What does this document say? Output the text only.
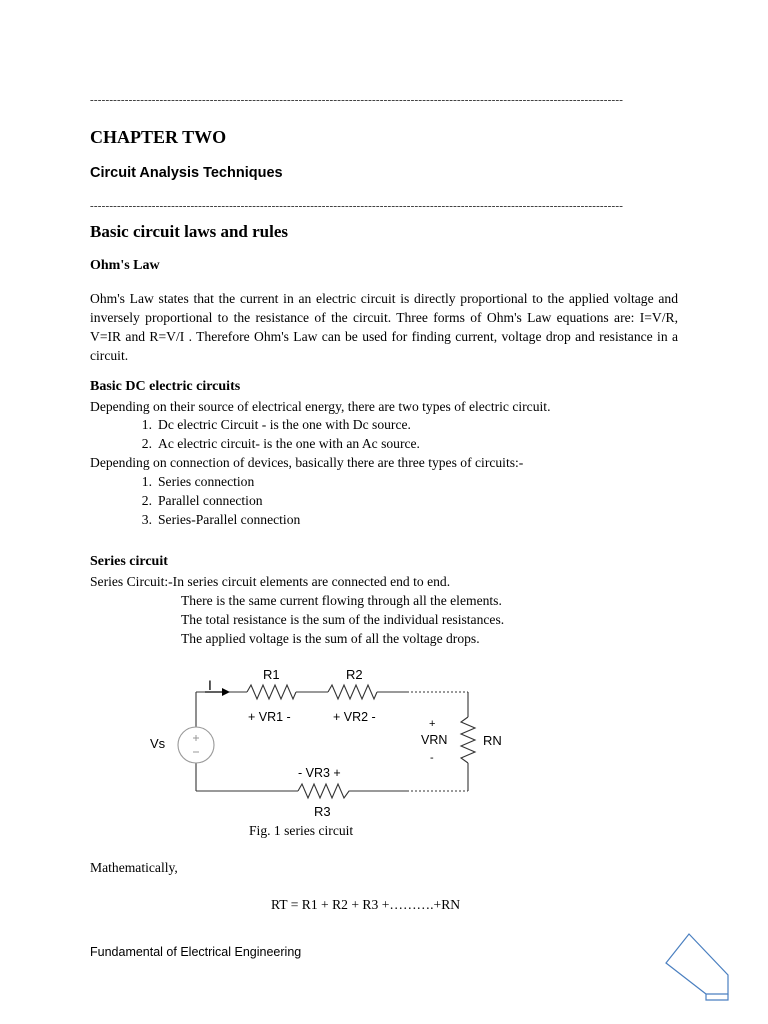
------------------------------------------------------------------------------------------------------------------------------------------
CHAPTER TWO
Circuit Analysis Techniques
------------------------------------------------------------------------------------------------------------------------------------------
Basic circuit laws and rules
Ohm's Law
Ohm's Law states that the current in an electric circuit is directly proportional to the applied voltage and inversely proportional to the resistance of the circuit. Three forms of Ohm's Law equations are: I=V/R, V=IR and R=V/I . Therefore Ohm's Law can be used for finding current, voltage drop and resistance in a circuit.
Basic DC electric circuits
Depending on their source of electrical energy, there are two types of electric circuit.
1. Dc electric Circuit - is the one with Dc source.
2. Ac electric circuit- is the one with an Ac source.
Depending on connection of devices, basically there are three types of circuits:-
1. Series connection
2. Parallel connection
3. Series-Parallel connection
Series circuit
Series Circuit:-In series circuit elements are connected end to end.
There is the same current flowing through all the elements.
The total resistance is the sum of the individual resistances.
The applied voltage is the sum of all the voltage drops.
I
R1	R2
+ VR1 -	+ VR2 -
Vs
+
VRN
-
RN
- VR3 +
R3
Fig. 1 series circuit
Mathematically,
RT = R1 + R2 + R3 +……….+RN
Fundamental of Electrical Engineering
